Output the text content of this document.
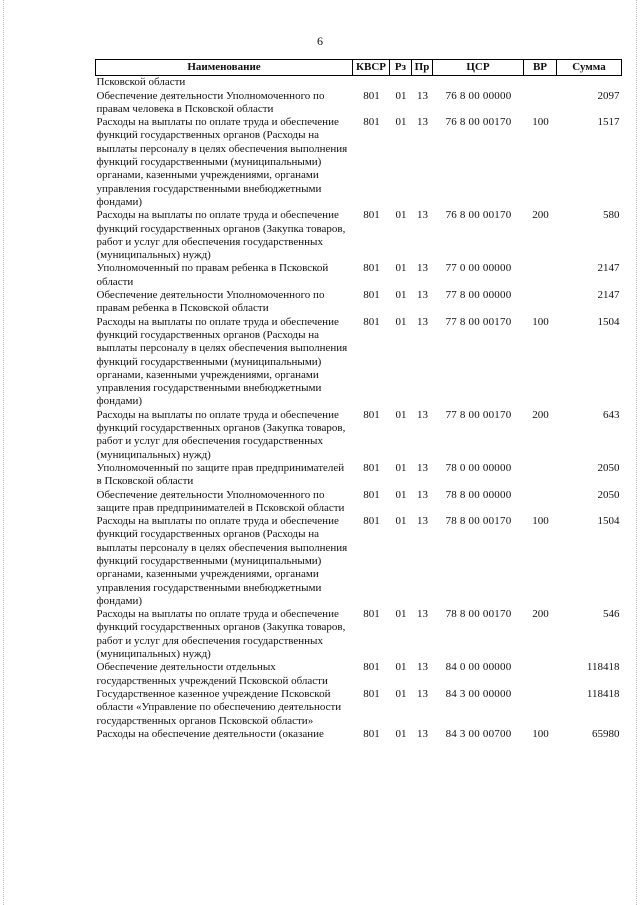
6
Наименование	КВСР	Рз	Пр	ЦСР	ВР	Сумма
Псковской области						
Обеспечение деятельности Уполномоченного по правам человека в Псковской области	801	01	13	76 8 00 00000		2097
Расходы на выплаты по оплате труда и обеспечение функций государственных органов (Расходы на выплаты персоналу в целях обеспечения выполнения функций государственными (муниципальными) органами, казенными учреждениями, органами управления государственными внебюджетными фондами)	801	01	13	76 8 00 00170	100	1517
Расходы на выплаты по оплате труда и обеспечение функций государственных органов (Закупка товаров, работ и услуг для обеспечения государственных (муниципальных) нужд)	801	01	13	76 8 00 00170	200	580
Уполномоченный по правам ребенка в Псковской области	801	01	13	77 0 00 00000		2147
Обеспечение деятельности Уполномоченного по правам ребенка в Псковской области	801	01	13	77 8 00 00000		2147
Расходы на выплаты по оплате труда и обеспечение функций государственных органов (Расходы на выплаты персоналу в целях обеспечения выполнения функций государственными (муниципальными) органами, казенными учреждениями, органами управления государственными внебюджетными фондами)	801	01	13	77 8 00 00170	100	1504
Расходы на выплаты по оплате труда и обеспечение функций государственных органов (Закупка товаров, работ и услуг для обеспечения государственных (муниципальных) нужд)	801	01	13	77 8 00 00170	200	643
Уполномоченный по защите прав предпринимателей в Псковской области	801	01	13	78 0 00 00000		2050
Обеспечение деятельности Уполномоченного по защите прав предпринимателей в Псковской области	801	01	13	78 8 00 00000		2050
Расходы на выплаты по оплате труда и обеспечение функций государственных органов (Расходы на выплаты персоналу в целях обеспечения выполнения функций государственными (муниципальными) органами, казенными учреждениями, органами управления государственными внебюджетными фондами)	801	01	13	78 8 00 00170	100	1504
Расходы на выплаты по оплате труда и обеспечение функций государственных органов (Закупка товаров, работ и услуг для обеспечения государственных (муниципальных) нужд)	801	01	13	78 8 00 00170	200	546
Обеспечение деятельности отдельных государственных учреждений Псковской области	801	01	13	84 0 00 00000		118418
Государственное казенное учреждение Псковской области «Управление по обеспечению деятельности государственных органов Псковской области»	801	01	13	84 3 00 00000		118418
Расходы на обеспечение деятельности (оказание	801	01	13	84 3 00 00700	100	65980
